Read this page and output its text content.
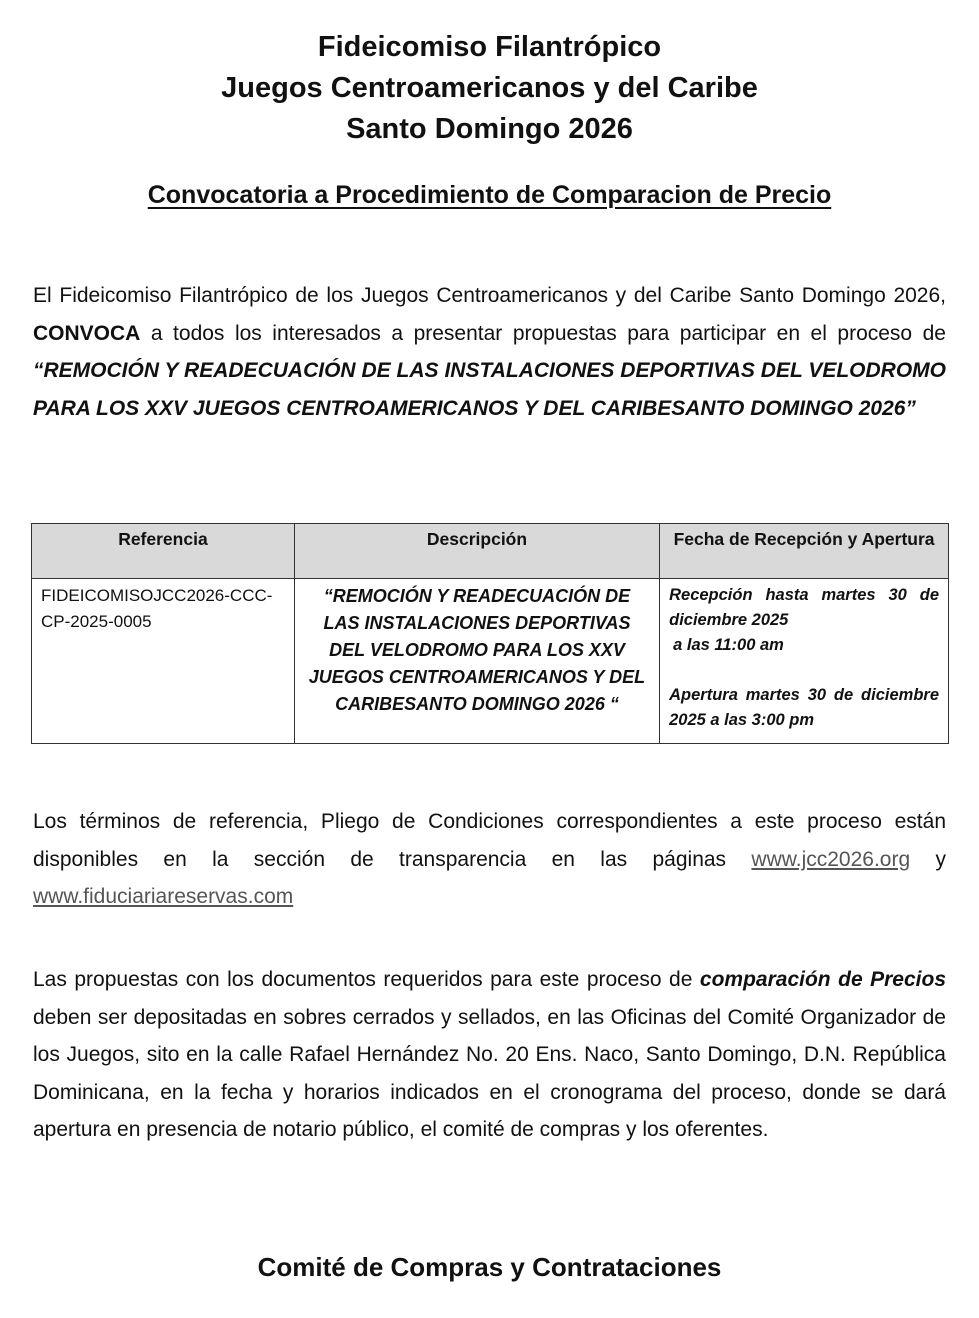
Fideicomiso Filantrópico
Juegos Centroamericanos y del Caribe
Santo Domingo 2026
Convocatoria a Procedimiento de Comparacion de Precio

El Fideicomiso Filantrópico de los Juegos Centroamericanos y del Caribe Santo Domingo 2026, CONVOCA a todos los interesados a presentar propuestas para participar en el proceso de “REMOCIÓN Y READECUACIÓN DE LAS INSTALACIONES DEPORTIVAS DEL VELODROMO PARA LOS XXV JUEGOS CENTROAMERICANOS Y DEL CARIBESANTO DOMINGO 2026”

Referencia	Descripción	Fecha de Recepción y Apertura
FIDEICOMISOJCC2026-CCC-CP-2025-0005	“REMOCIÓN Y READECUACIÓN DE LAS INSTALACIONES DEPORTIVAS DEL VELODROMO PARA LOS XXV JUEGOS CENTROAMERICANOS Y DEL CARIBESANTO DOMINGO 2026 “	Recepción hasta martes 30 de diciembre 2025
a las 11:00 am
Apertura martes 30 de diciembre 2025 a las 3:00 pm

Los términos de referencia, Pliego de Condiciones correspondientes a este proceso están disponibles en la sección de transparencia en las páginas www.jcc2026.org y www.fiduciariareservas.com

Las propuestas con los documentos requeridos para este proceso de comparación de Precios deben ser depositadas en sobres cerrados y sellados, en las Oficinas del Comité Organizador de los Juegos, sito en la calle Rafael Hernández No. 20 Ens. Naco, Santo Domingo, D.N. República Dominicana, en la fecha y horarios indicados en el cronograma del proceso, donde se dará apertura en presencia de notario público, el comité de compras y los oferentes.

Comité de Compras y Contrataciones
